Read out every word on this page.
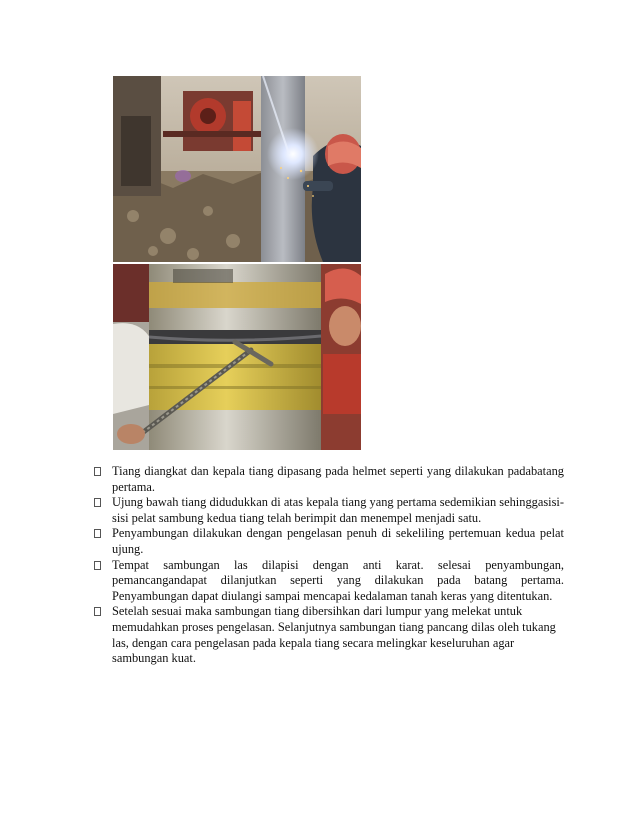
Tiang diangkat dan kepala tiang dipasang pada helmet seperti yang dilakukan padabatang pertama.
Ujung bawah tiang didudukkan di atas kepala tiang yang pertama sedemikian sehinggasisi-sisi pelat sambung kedua tiang telah berimpit dan menempel menjadi satu.
Penyambungan dilakukan dengan pengelasan penuh di sekeliling pertemuan kedua pelat ujung.
Tempat sambungan las dilapisi dengan anti karat. selesai penyambungan, pemancangandapat dilanjutkan seperti yang dilakukan pada batang pertama. Penyambungan dapat diulangi sampai mencapai kedalaman tanah keras yang ditentukan.
Setelah sesuai maka sambungan tiang dibersihkan dari lumpur yang melekat untuk memudahkan proses pengelasan. Selanjutnya sambungan tiang pancang dilas oleh tukang las, dengan cara pengelasan pada kepala tiang secara melingkar keseluruhan agar sambungan kuat.
